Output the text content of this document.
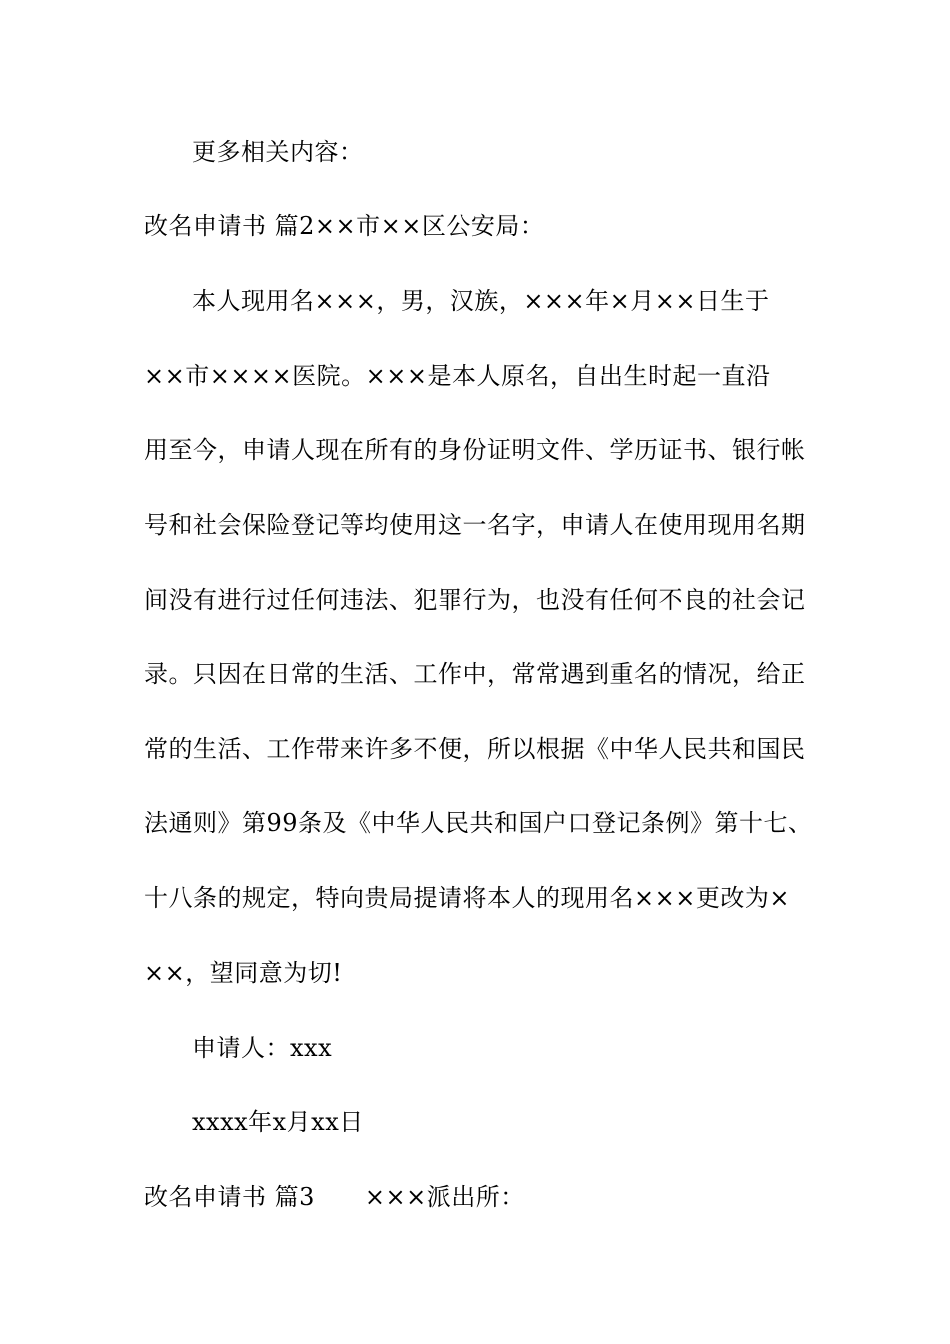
更多相关内容：
改名申请书 篇2××市××区公安局：
本人现用名×××，男，汉族，×××年×月××日生于
××市××××医院。×××是本人原名，自出生时起一直沿
用至今，申请人现在所有的身份证明文件、学历证书、银行帐
号和社会保险登记等均使用这一名字，申请人在使用现用名期
间没有进行过任何违法、犯罪行为，也没有任何不良的社会记
录。只因在日常的生活、工作中，常常遇到重名的情况，给正
常的生活、工作带来许多不便，所以根据《中华人民共和国民
法通则》第99条及《中华人民共和国户口登记条例》第十七、
十八条的规定，特向贵局提请将本人的现用名×××更改为×
××，望同意为切!
申请人：xxx
xxxx年x月xx日
改名申请书 篇3 ×××派出所：
